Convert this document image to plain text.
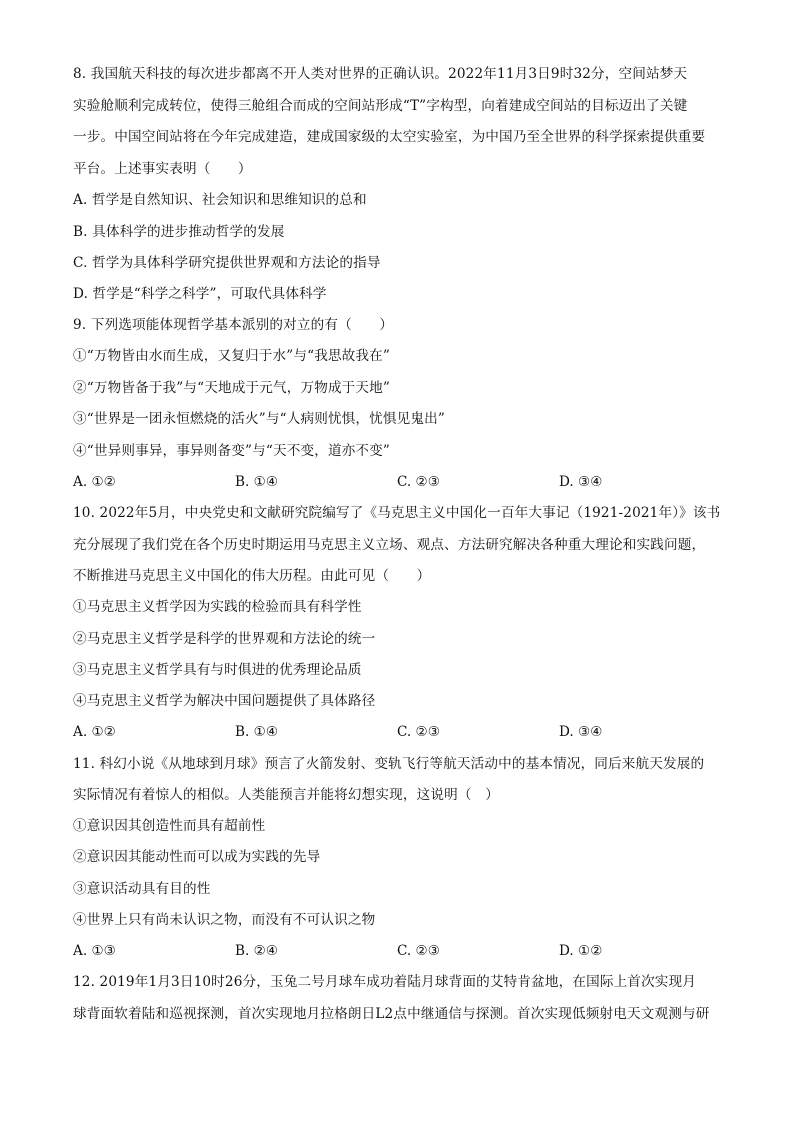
8. 我国航天科技的每次进步都离不开人类对世界的正确认识。2022年11月3日9时32分，空间站梦天
实验舱顺利完成转位，使得三舱组合而成的空间站形成“T”字构型，向着建成空间站的目标迈出了关键
一步。中国空间站将在今年完成建造，建成国家级的太空实验室，为中国乃至全世界的科学探索提供重要
平台。上述事实表明（　　）
A. 哲学是自然知识、社会知识和思维知识的总和
B. 具体科学的进步推动哲学的发展
C. 哲学为具体科学研究提供世界观和方法论的指导
D. 哲学是“科学之科学”，可取代具体科学
9. 下列选项能体现哲学基本派别的对立的有（　　）
①“万物皆由水而生成，又复归于水”与“我思故我在”
②“万物皆备于我”与“天地成于元气，万物成于天地”
③“世界是一团永恒燃烧的活火”与“人病则忧惧，忧惧见鬼出”
④“世异则事异，事异则备变”与“天不变，道亦不变”
A. ①②	B. ①④	C. ②③	D. ③④
10. 2022年5月，中央党史和文献研究院编写了《马克思主义中国化一百年大事记（1921-2021年）》该书
充分展现了我们党在各个历史时期运用马克思主义立场、观点、方法研究解决各种重大理论和实践问题，
不断推进马克思主义中国化的伟大历程。由此可见（　　）
①马克思主义哲学因为实践的检验而具有科学性
②马克思主义哲学是科学的世界观和方法论的统一
③马克思主义哲学具有与时俱进的优秀理论品质
④马克思主义哲学为解决中国问题提供了具体路径
A. ①②	B. ①④	C. ②③	D. ③④
11. 科幻小说《从地球到月球》预言了火箭发射、变轨飞行等航天活动中的基本情况，同后来航天发展的
实际情况有着惊人的相似。人类能预言并能将幻想实现，这说明（　）
①意识因其创造性而具有超前性
②意识因其能动性而可以成为实践的先导
③意识活动具有目的性
④世界上只有尚未认识之物，而没有不可认识之物
A. ①③	B. ②④	C. ②③	D. ①②
12. 2019年1月3日10时26分，玉兔二号月球车成功着陆月球背面的艾特肯盆地，在国际上首次实现月
球背面软着陆和巡视探测，首次实现地月拉格朗日L2点中继通信与探测。首次实现低频射电天文观测与研
